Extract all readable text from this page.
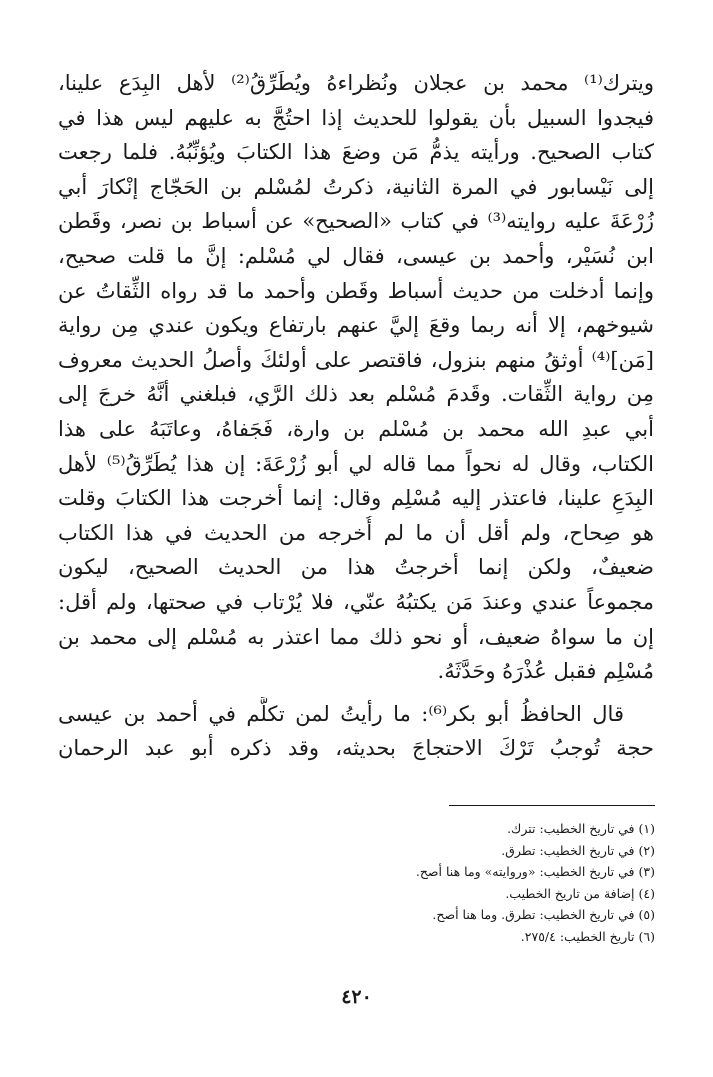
ويترك⁽¹⁾ محمد بن عجلان ونُظراءهُ ويُطَرِّقُ⁽²⁾ لأهل البِدَع علينا،
فيجدوا السبيل بأن يقولوا للحديث إذا احتُجَّ به عليهم ليس هذا في
كتاب الصحيح. ورأيته يذمُّ مَن وضعَ هذا الكتابَ ويُؤنِّبُهُ. فلما رجعت
إلى نَيْسابور في المرة الثانية، ذكرتُ لمُسْلم بن الحَجّاج إنْكارَ أبي
زُرْعَةَ عليه روايته⁽³⁾ في كتاب «الصحيح» عن أسباط بن نصر، وقَطن
ابن نُسَيْر، وأحمد بن عيسى، فقال لي مُسْلم: إنَّ ما قلت صحيح،
وإنما أدخلت من حديث أسباط وقَطن وأحمد ما قد رواه الثِّقاتُ عن
شيوخهم، إلا أنه ربما وقعَ إليَّ عنهم بارتفاع ويكون عندي مِن رواية
[مَن]⁽⁴⁾ أوثقُ منهم بنزول، فاقتصر على أولئكَ وأصلُ الحديث معروف
مِن رواية الثِّقات. وقَدمَ مُسْلم بعد ذلك الرَّي، فبلغني أنَّهُ خرجَ إلى
أبي عبدِ الله محمد بن مُسْلم بن وارة، فَجَفاهُ، وعاتَبَهُ على هذا
الكتاب، وقال له نحواً مما قاله لي أبو زُرْعَةَ: إن هذا يُطَرِّقُ⁽⁵⁾ لأهل
البِدَعِ علينا، فاعتذر إليه مُسْلِم وقال: إنما أخرجت هذا الكتابَ وقلت
هو صِحاح، ولم أقل أن ما لم أُخرجه من الحديث في هذا الكتاب
ضعيفٌ، ولكن إنما أخرجتُ هذا من الحديث الصحيح، ليكون
مجموعاً عندي وعندَ مَن يكتبُهُ عنّي، فلا يُرْتاب في صحتها، ولم أقل:
إن ما سواهُ ضعيف، أو نحو ذلك مما اعتذر به مُسْلم إلى محمد بن
مُسْلِم فقبل عُذْرَهُ وحَدَّثَهُ.
قال الحافظُ أبو بكر⁽⁶⁾: ما رأيتُ لمن تكلَّم في أحمد بن عيسى
حجة تُوجبُ تَرْكَ الاحتجاجَ بحديثه، وقد ذكره أبو عبد الرحمان
(١) في تاريخ الخطيب: تترك.
(٢) في تاريخ الخطيب: تطرق.
(٣) في تاريخ الخطيب: «وروايته» وما هنا أصح.
(٤) إضافة من تاريخ الخطيب.
(٥) في تاريخ الخطيب: تطرق. وما هنا أصح.
(٦) تاريخ الخطيب: ٢٧٥/٤.
٤٢٠
